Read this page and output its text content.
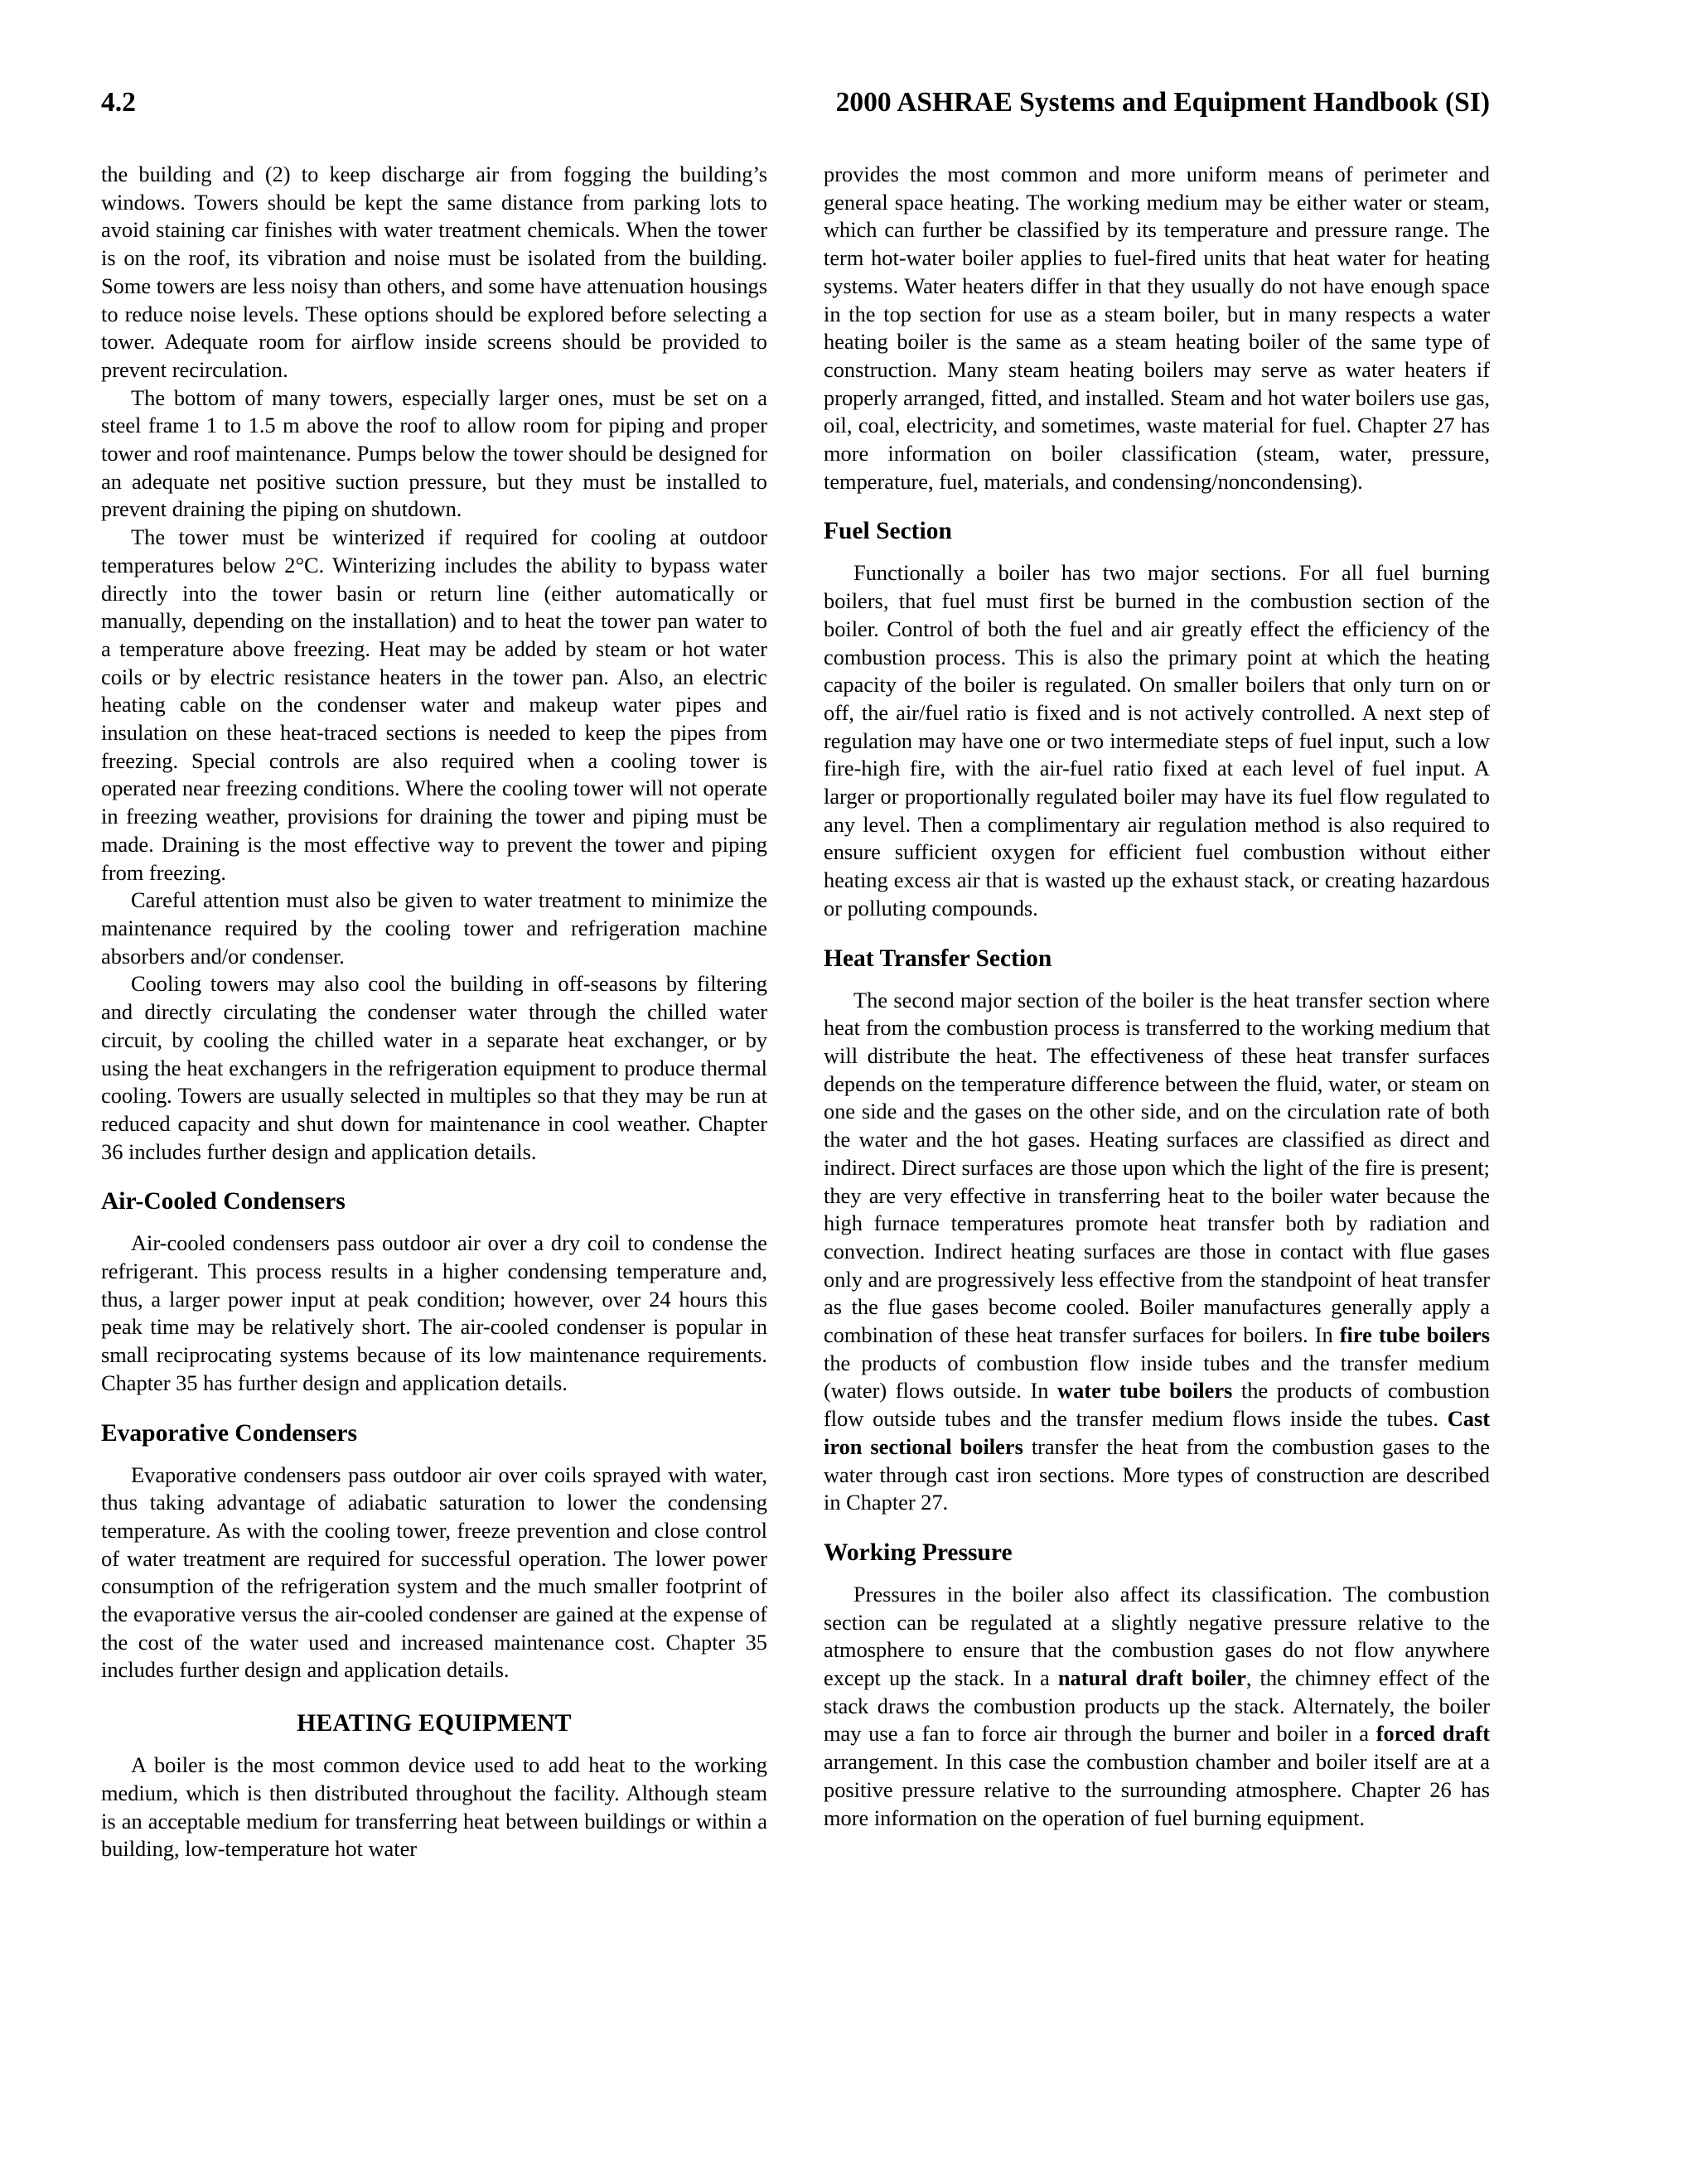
4.2	2000 ASHRAE Systems and Equipment Handbook (SI)

the building and (2) to keep discharge air from fogging the building’s windows. Towers should be kept the same distance from parking lots to avoid staining car finishes with water treatment chemicals. When the tower is on the roof, its vibration and noise must be isolated from the building. Some towers are less noisy than others, and some have attenuation housings to reduce noise levels. These options should be explored before selecting a tower. Adequate room for airflow inside screens should be provided to prevent recirculation.

The bottom of many towers, especially larger ones, must be set on a steel frame 1 to 1.5 m above the roof to allow room for piping and proper tower and roof maintenance. Pumps below the tower should be designed for an adequate net positive suction pressure, but they must be installed to prevent draining the piping on shutdown.

The tower must be winterized if required for cooling at outdoor temperatures below 2°C. Winterizing includes the ability to bypass water directly into the tower basin or return line (either automatically or manually, depending on the installation) and to heat the tower pan water to a temperature above freezing. Heat may be added by steam or hot water coils or by electric resistance heaters in the tower pan. Also, an electric heating cable on the condenser water and makeup water pipes and insulation on these heat-traced sections is needed to keep the pipes from freezing. Special controls are also required when a cooling tower is operated near freezing conditions. Where the cooling tower will not operate in freezing weather, provisions for draining the tower and piping must be made. Draining is the most effective way to prevent the tower and piping from freezing.

Careful attention must also be given to water treatment to minimize the maintenance required by the cooling tower and refrigeration machine absorbers and/or condenser.

Cooling towers may also cool the building in off-seasons by filtering and directly circulating the condenser water through the chilled water circuit, by cooling the chilled water in a separate heat exchanger, or by using the heat exchangers in the refrigeration equipment to produce thermal cooling. Towers are usually selected in multiples so that they may be run at reduced capacity and shut down for maintenance in cool weather. Chapter 36 includes further design and application details.

Air-Cooled Condensers

Air-cooled condensers pass outdoor air over a dry coil to condense the refrigerant. This process results in a higher condensing temperature and, thus, a larger power input at peak condition; however, over 24 hours this peak time may be relatively short. The air-cooled condenser is popular in small reciprocating systems because of its low maintenance requirements. Chapter 35 has further design and application details.

Evaporative Condensers

Evaporative condensers pass outdoor air over coils sprayed with water, thus taking advantage of adiabatic saturation to lower the condensing temperature. As with the cooling tower, freeze prevention and close control of water treatment are required for successful operation. The lower power consumption of the refrigeration system and the much smaller footprint of the evaporative versus the air-cooled condenser are gained at the expense of the cost of the water used and increased maintenance cost. Chapter 35 includes further design and application details.

HEATING EQUIPMENT

A boiler is the most common device used to add heat to the working medium, which is then distributed throughout the facility. Although steam is an acceptable medium for transferring heat between buildings or within a building, low-temperature hot water

provides the most common and more uniform means of perimeter and general space heating. The working medium may be either water or steam, which can further be classified by its temperature and pressure range. The term hot-water boiler applies to fuel-fired units that heat water for heating systems. Water heaters differ in that they usually do not have enough space in the top section for use as a steam boiler, but in many respects a water heating boiler is the same as a steam heating boiler of the same type of construction. Many steam heating boilers may serve as water heaters if properly arranged, fitted, and installed. Steam and hot water boilers use gas, oil, coal, electricity, and sometimes, waste material for fuel. Chapter 27 has more information on boiler classification (steam, water, pressure, temperature, fuel, materials, and condensing/noncondensing).

Fuel Section

Functionally a boiler has two major sections. For all fuel burning boilers, that fuel must first be burned in the combustion section of the boiler. Control of both the fuel and air greatly effect the efficiency of the combustion process. This is also the primary point at which the heating capacity of the boiler is regulated. On smaller boilers that only turn on or off, the air/fuel ratio is fixed and is not actively controlled. A next step of regulation may have one or two intermediate steps of fuel input, such a low fire-high fire, with the air-fuel ratio fixed at each level of fuel input. A larger or proportionally regulated boiler may have its fuel flow regulated to any level. Then a complimentary air regulation method is also required to ensure sufficient oxygen for efficient fuel combustion without either heating excess air that is wasted up the exhaust stack, or creating hazardous or polluting compounds.

Heat Transfer Section

The second major section of the boiler is the heat transfer section where heat from the combustion process is transferred to the working medium that will distribute the heat. The effectiveness of these heat transfer surfaces depends on the temperature difference between the fluid, water, or steam on one side and the gases on the other side, and on the circulation rate of both the water and the hot gases. Heating surfaces are classified as direct and indirect. Direct surfaces are those upon which the light of the fire is present; they are very effective in transferring heat to the boiler water because the high furnace temperatures promote heat transfer both by radiation and convection. Indirect heating surfaces are those in contact with flue gases only and are progressively less effective from the standpoint of heat transfer as the flue gases become cooled. Boiler manufactures generally apply a combination of these heat transfer surfaces for boilers. In fire tube boilers the products of combustion flow inside tubes and the transfer medium (water) flows outside. In water tube boilers the products of combustion flow outside tubes and the transfer medium flows inside the tubes. Cast iron sectional boilers transfer the heat from the combustion gases to the water through cast iron sections. More types of construction are described in Chapter 27.

Working Pressure

Pressures in the boiler also affect its classification. The combustion section can be regulated at a slightly negative pressure relative to the atmosphere to ensure that the combustion gases do not flow anywhere except up the stack. In a natural draft boiler, the chimney effect of the stack draws the combustion products up the stack. Alternately, the boiler may use a fan to force air through the burner and boiler in a forced draft arrangement. In this case the combustion chamber and boiler itself are at a positive pressure relative to the surrounding atmosphere. Chapter 26 has more information on the operation of fuel burning equipment.
